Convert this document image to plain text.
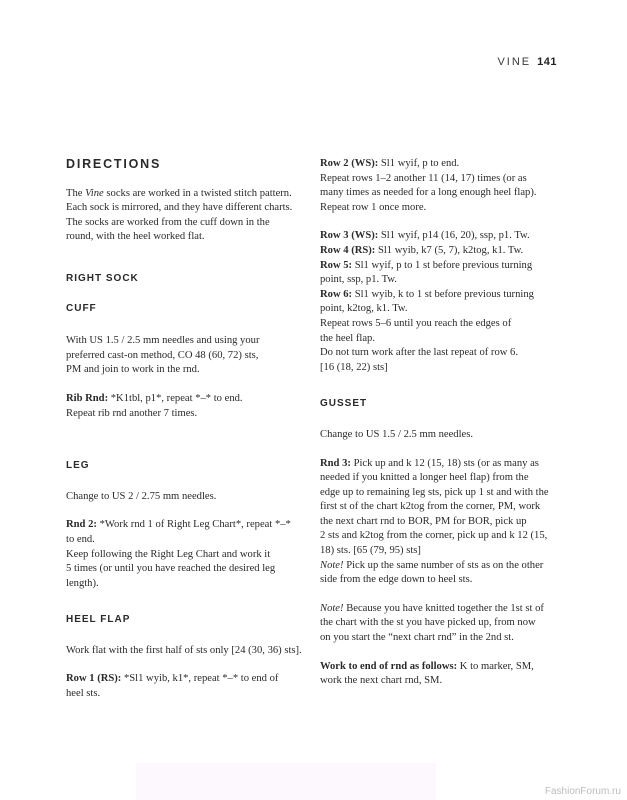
VINE 141
DIRECTIONS

The Vine socks are worked in a twisted stitch pattern.
Each sock is mirrored, and they have different charts.
The socks are worked from the cuff down in the
round, with the heel worked flat.

RIGHT SOCK
CUFF

With US 1.5 / 2.5 mm needles and using your
preferred cast-on method, CO 48 (60, 72) sts,
PM and join to work in the rnd.

Rib Rnd: *K1tbl, p1*, repeat *–* to end.
Repeat rib rnd another 7 times.

LEG

Change to US 2 / 2.75 mm needles.

Rnd 2: *Work rnd 1 of Right Leg Chart*, repeat *–*
to end.

Keep following the Right Leg Chart and work it
5 times (or until you have reached the desired leg
length).

HEEL FLAP

Work flat with the first half of sts only [24 (30, 36) sts].

Row 1 (RS): *Sl1 wyib, k1*, repeat *–* to end of
heel sts.

Row 2 (WS): Sl1 wyif, p to end.
Repeat rows 1–2 another 11 (14, 17) times (or as
many times as needed for a long enough heel flap).
Repeat row 1 once more.

Row 3 (WS): Sl1 wyif, p14 (16, 20), ssp, p1. Tw.
Row 4 (RS): Sl1 wyib, k7 (5, 7), k2tog, k1. Tw.
Row 5: Sl1 wyif, p to 1 st before previous turning
point, ssp, p1. Tw.
Row 6: Sl1 wyib, k to 1 st before previous turning
point, k2tog, k1. Tw.
Repeat rows 5–6 until you reach the edges of
the heel flap.
Do not turn work after the last repeat of row 6.
[16 (18, 22) sts]

GUSSET

Change to US 1.5 / 2.5 mm needles.

Rnd 3: Pick up and k 12 (15, 18) sts (or as many as
needed if you knitted a longer heel flap) from the
edge up to remaining leg sts, pick up 1 st and with the
first st of the chart k2tog from the corner, PM, work
the next chart rnd to BOR, PM for BOR, pick up
2 sts and k2tog from the corner, pick up and k 12 (15,
18) sts. [65 (79, 95) sts]

Note! Pick up the same number of sts as on the other
side from the edge down to heel sts.

Note! Because you have knitted together the 1st st of
the chart with the st you have picked up, from now
on you start the “next chart rnd” in the 2nd st.

Work to end of rnd as follows: K to marker, SM,
work the next chart rnd, SM.

FashionForum.ru
